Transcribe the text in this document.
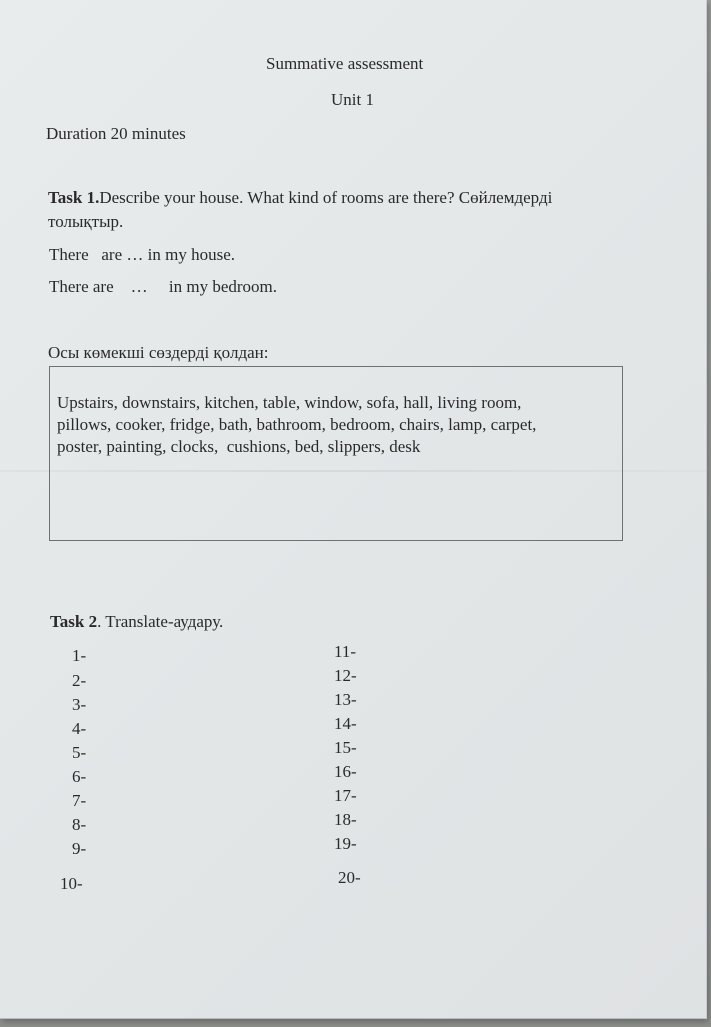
Summative assessment
Unit 1
Duration 20 minutes
Task 1.Describe your house. What kind of rooms are there? Сөйлемдерді
толықтыр.
There   are … in my house.
There are    …     in my bedroom.
Осы көмекші сөздерді қолдан:
Upstairs, downstairs, kitchen, table, window, sofa, hall, living room,
pillows, cooker, fridge, bath, bathroom, bedroom, chairs, lamp, carpet,
poster, painting, clocks,  cushions, bed, slippers, desk
Task 2. Translate-аудару.
1-
2-
3-
4-
5-
6-
7-
8-
9-
10-
11-
12-
13-
14-
15-
16-
17-
18-
19-
20-
